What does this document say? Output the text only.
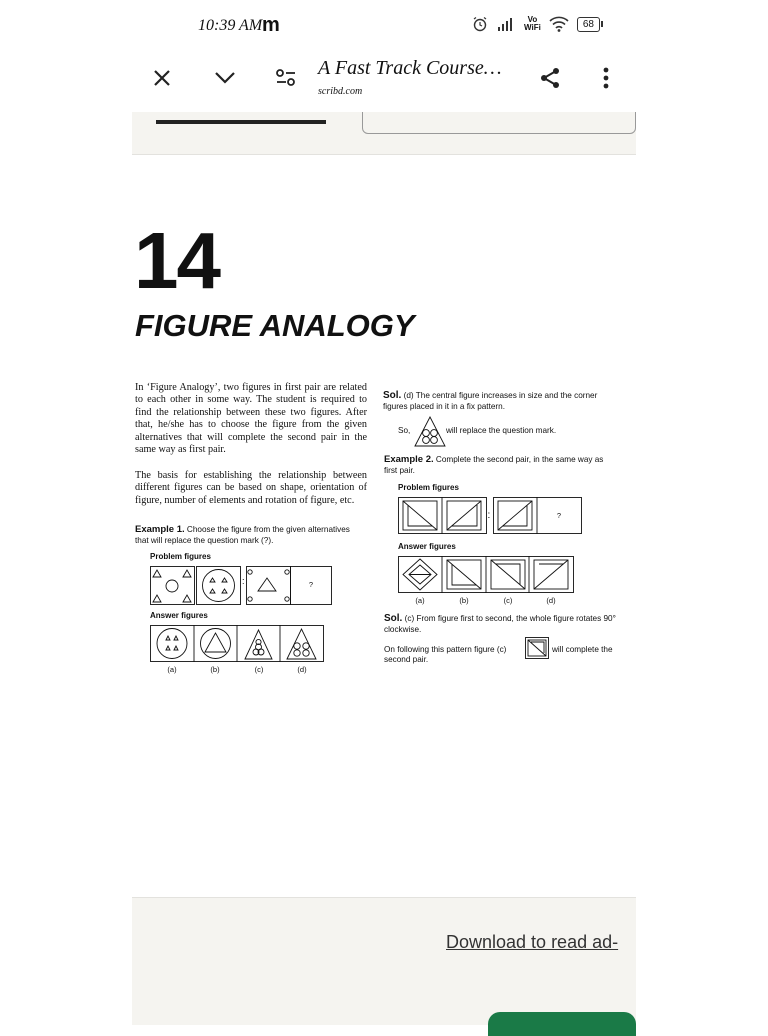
10:39 AM m	Vo
WiFi	68
A Fast Track Course…
scribd.com
14
FIGURE ANALOGY
In ‘Figure Analogy’, two figures in first pair are related to each other in some way. The student is required to find the relationship between these two figures. After that, he/she has to choose the figure from the given alternatives that will complete the second pair in the same way as first pair.
The basis for establishing the relationship between different figures can be based on shape, orientation of figure, number of elements and rotation of figure, etc.
Example 1. Choose the figure from the given alternatives that will replace the question mark (?).
Problem figures
:	?
Answer figures
(a)	(b)	(c)	(d)
Sol. (d) The central figure increases in size and the corner figures placed in it in a fix pattern.
So,	will replace the question mark.
Example 2. Complete the second pair, in the same way as first pair.
Problem figures
:	?
Answer figures
(a)	(b)	(c)	(d)
Sol. (c) From figure first to second, the whole figure rotates 90° clockwise.
On following this pattern figure (c)	will complete the
second pair.
Download to read ad-
